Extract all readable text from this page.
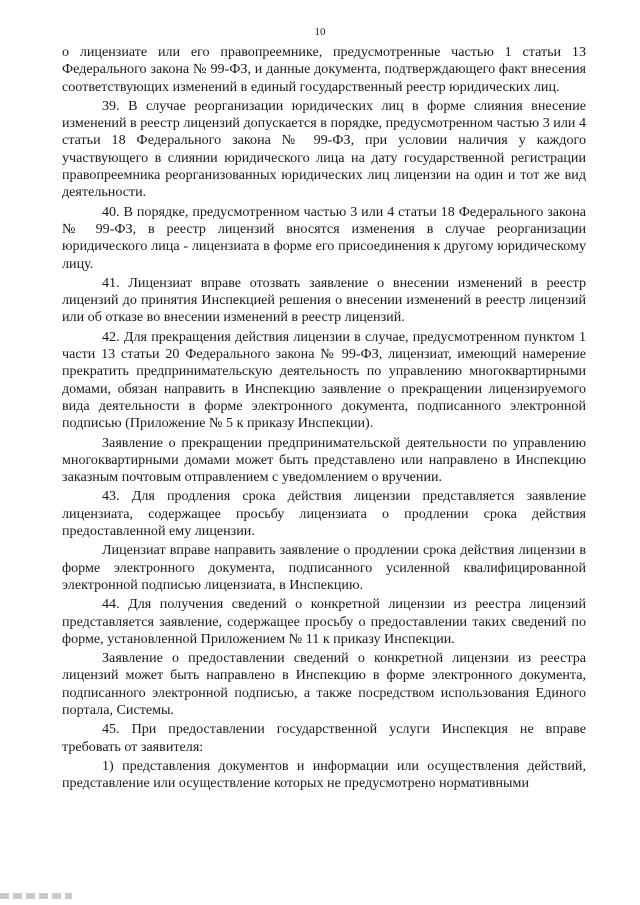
10

о лицензиате или его правопреемнике, предусмотренные частью 1 статьи 13 Федерального закона № 99-ФЗ, и данные документа, подтверждающего факт внесения соответствующих изменений в единый государственный реестр юридических лиц.

39. В случае реорганизации юридических лиц в форме слияния внесение изменений в реестр лицензий допускается в порядке, предусмотренном частью 3 или 4 статьи 18 Федерального закона № 99-ФЗ, при условии наличия у каждого участвующего в слиянии юридического лица на дату государственной регистрации правопреемника реорганизованных юридических лиц лицензии на один и тот же вид деятельности.

40. В порядке, предусмотренном частью 3 или 4 статьи 18 Федерального закона № 99-ФЗ, в реестр лицензий вносятся изменения в случае реорганизации юридического лица - лицензиата в форме его присоединения к другому юридическому лицу.

41. Лицензиат вправе отозвать заявление о внесении изменений в реестр лицензий до принятия Инспекцией решения о внесении изменений в реестр лицензий или об отказе во внесении изменений в реестр лицензий.

42. Для прекращения действия лицензии в случае, предусмотренном пунктом 1 части 13 статьи 20 Федерального закона № 99-ФЗ, лицензиат, имеющий намерение прекратить предпринимательскую деятельность по управлению многоквартирными домами, обязан направить в Инспекцию заявление о прекращении лицензируемого вида деятельности в форме электронного документа, подписанного электронной подписью (Приложение № 5 к приказу Инспекции).

Заявление о прекращении предпринимательской деятельности по управлению многоквартирными домами может быть представлено или направлено в Инспекцию заказным почтовым отправлением с уведомлением о вручении.

43. Для продления срока действия лицензии представляется заявление лицензиата, содержащее просьбу лицензиата о продлении срока действия предоставленной ему лицензии.

Лицензиат вправе направить заявление о продлении срока действия лицензии в форме электронного документа, подписанного усиленной квалифицированной электронной подписью лицензиата, в Инспекцию.

44. Для получения сведений о конкретной лицензии из реестра лицензий представляется заявление, содержащее просьбу о предоставлении таких сведений по форме, установленной Приложением № 11 к приказу Инспекции.

Заявление о предоставлении сведений о конкретной лицензии из реестра лицензий может быть направлено в Инспекцию в форме электронного документа, подписанного электронной подписью, а также посредством использования Единого портала, Системы.

45. При предоставлении государственной услуги Инспекция не вправе требовать от заявителя:

1) представления документов и информации или осуществления действий, представление или осуществление которых не предусмотрено нормативными
